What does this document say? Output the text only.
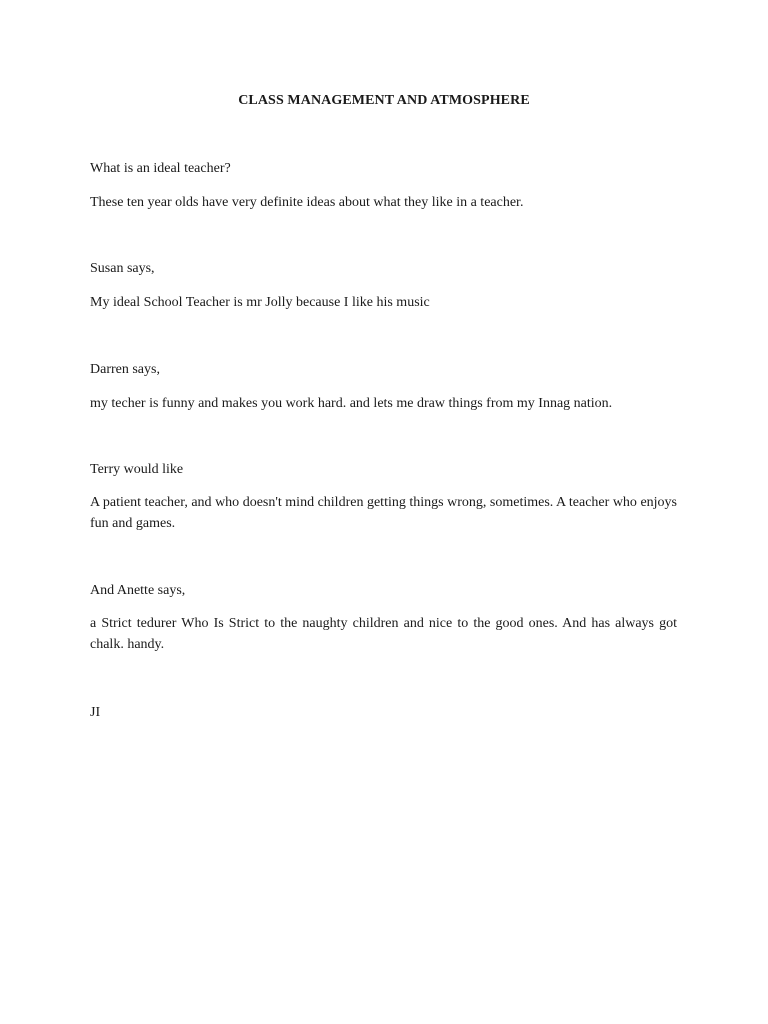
CLASS MANAGEMENT AND ATMOSPHERE

What is an ideal teacher?

These ten year olds have very definite ideas about what they like in a teacher.

Susan says,

My ideal School Teacher is mr Jolly because I like his music

Darren says,

my techer is funny and makes you work hard. and lets me draw things from my Innag nation.

Terry would like

A patient teacher, and who doesn't mind children getting things wrong, sometimes. A teacher who enjoys fun and games.

And Anette says,

a Strict tedurer Who Is Strict to the naughty children and nice to the good ones. And has always got chalk. handy.

JI
